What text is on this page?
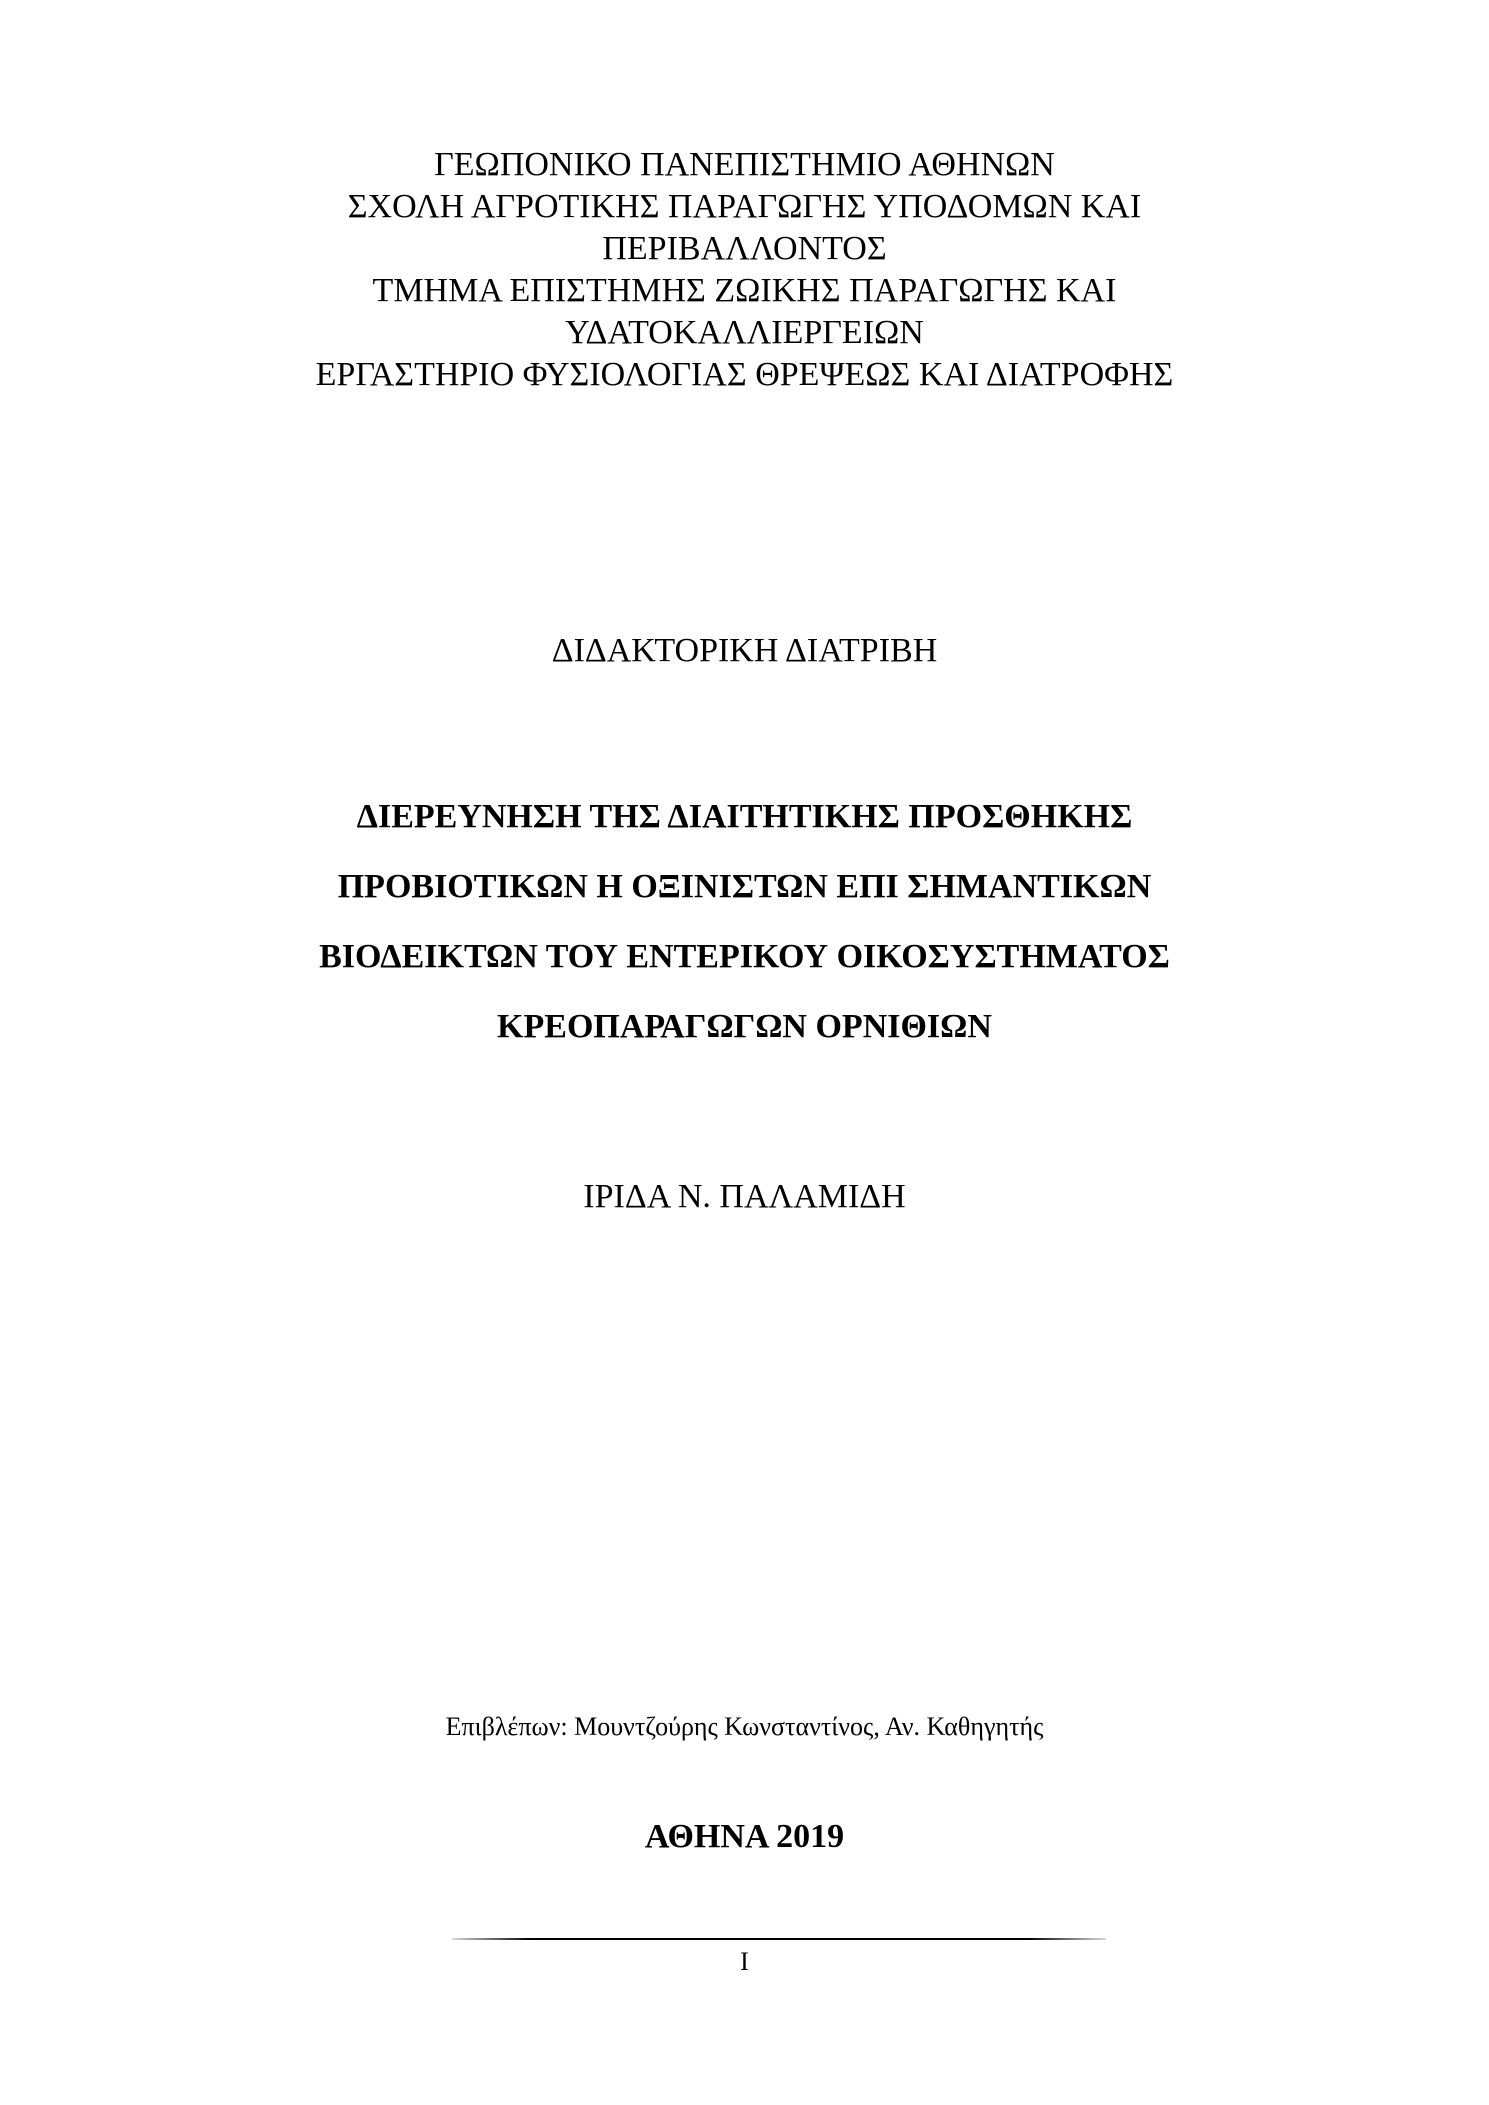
ΓΕΩΠΟΝΙΚΟ ΠΑΝΕΠΙΣΤΗΜΙΟ ΑΘΗΝΩΝ
ΣΧΟΛΗ ΑΓΡΟΤΙΚΗΣ ΠΑΡΑΓΩΓΗΣ ΥΠΟΔΟΜΩΝ ΚΑΙ
ΠΕΡΙΒΑΛΛΟΝΤΟΣ
ΤΜΗΜΑ ΕΠΙΣΤΗΜΗΣ ΖΩΙΚΗΣ ΠΑΡΑΓΩΓΗΣ ΚΑΙ
ΥΔΑΤΟΚΑΛΛΙΕΡΓΕΙΩΝ
ΕΡΓΑΣΤΗΡΙΟ ΦΥΣΙΟΛΟΓΙΑΣ ΘΡΕΨΕΩΣ ΚΑΙ ΔΙΑΤΡΟΦΗΣ
ΔΙΔΑΚΤΟΡΙΚΗ ΔΙΑΤΡΙΒΗ
ΔΙΕΡΕΥΝΗΣΗ ΤΗΣ ΔΙΑΙΤΗΤΙΚΗΣ ΠΡΟΣΘΗΚΗΣ
ΠΡΟΒΙΟΤΙΚΩΝ Η ΟΞΙΝΙΣΤΩΝ ΕΠΙ ΣΗΜΑΝΤΙΚΩΝ
ΒΙΟΔΕΙΚΤΩΝ ΤΟΥ ΕΝΤΕΡΙΚΟΥ ΟΙΚΟΣΥΣΤΗΜΑΤΟΣ
ΚΡΕΟΠΑΡΑΓΩΓΩΝ ΟΡΝΙΘΙΩΝ
ΙΡΙΔΑ Ν. ΠΑΛΑΜΙΔΗ
Επιβλέπων: Μουντζούρης Κωνσταντίνος, Αν. Καθηγητής
ΑΘΗΝΑ 2019
I
